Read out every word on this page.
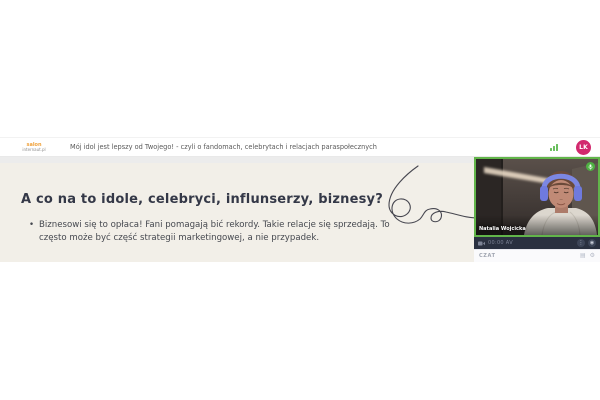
salon
internaut.pl	Mój idol jest lepszy od Twojego! - czyli o fandomach, celebrytach i relacjach paraspołecznych	LK
A co na to idole, celebryci, influnserzy, biznesy?
• Biznesowi się to opłaca! Fani pomagają bić rekordy. Takie relacje się sprzedają. To często może być część strategii marketingowej, a nie przypadek.
Natalia Wojcicka
00:00 AV	⋮	◉
CZAT	▤ ⚙
